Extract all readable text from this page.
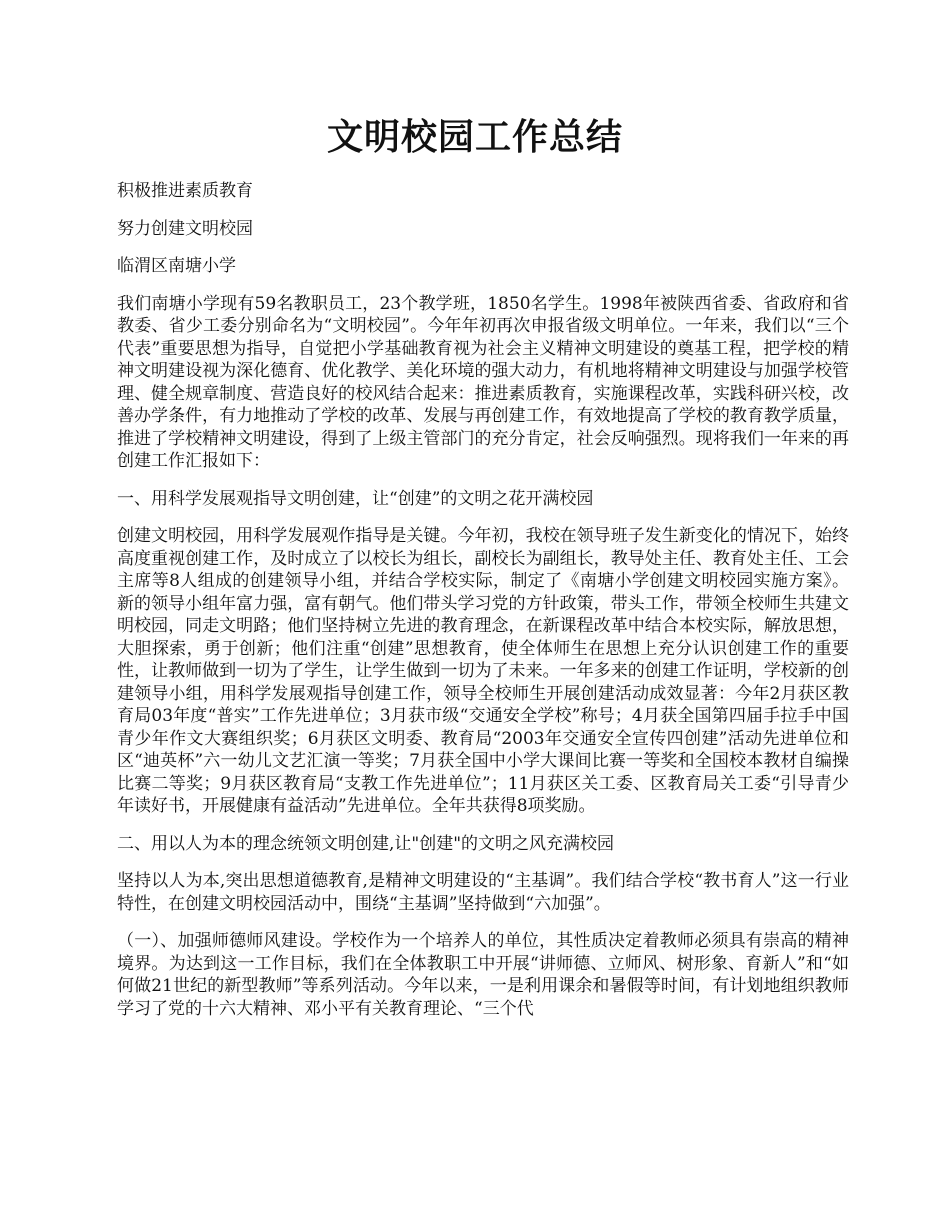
文明校园工作总结

积极推进素质教育

努力创建文明校园

临渭区南塘小学

我们南塘小学现有59名教职员工，23个教学班，1850名学生。1998年被陕西省委、省政府和省教委、省少工委分别命名为“文明校园”。今年年初再次申报省级文明单位。一年来，我们以“三个代表”重要思想为指导，自觉把小学基础教育视为社会主义精神文明建设的奠基工程，把学校的精神文明建设视为深化德育、优化教学、美化环境的强大动力，有机地将精神文明建设与加强学校管理、健全规章制度、营造良好的校风结合起来：推进素质教育，实施课程改革，实践科研兴校，改善办学条件，有力地推动了学校的改革、发展与再创建工作，有效地提高了学校的教育教学质量，推进了学校精神文明建设，得到了上级主管部门的充分肯定，社会反响强烈。现将我们一年来的再创建工作汇报如下：

一、用科学发展观指导文明创建，让“创建”的文明之花开满校园

创建文明校园，用科学发展观作指导是关键。今年初，我校在领导班子发生新变化的情况下，始终高度重视创建工作，及时成立了以校长为组长，副校长为副组长，教导处主任、教育处主任、工会主席等8人组成的创建领导小组，并结合学校实际，制定了《南塘小学创建文明校园实施方案》。新的领导小组年富力强，富有朝气。他们带头学习党的方针政策，带头工作，带领全校师生共建文明校园，同走文明路；他们坚持树立先进的教育理念，在新课程改革中结合本校实际，解放思想，大胆探索，勇于创新；他们注重“创建”思想教育，使全体师生在思想上充分认识创建工作的重要性，让教师做到一切为了学生，让学生做到一切为了未来。一年多来的创建工作证明，学校新的创建领导小组，用科学发展观指导创建工作，领导全校师生开展创建活动成效显著：今年2月获区教育局03年度“普实”工作先进单位；3月获市级“交通安全学校”称号；4月获全国第四届手拉手中国青少年作文大赛组织奖；6月获区文明委、教育局“2003年交通安全宣传四创建”活动先进单位和区“迪英杯”六一幼儿文艺汇演一等奖；7月获全国中小学大课间比赛一等奖和全国校本教材自编操比赛二等奖；9月获区教育局“支教工作先进单位”；11月获区关工委、区教育局关工委“引导青少年读好书，开展健康有益活动”先进单位。全年共获得8项奖励。

二、用以人为本的理念统领文明创建,让"创建"的文明之风充满校园

坚持以人为本,突出思想道德教育,是精神文明建设的“主基调”。我们结合学校“教书育人”这一行业特性，在创建文明校园活动中，围绕“主基调”坚持做到“六加强”。

（一）、加强师德师风建设。学校作为一个培养人的单位，其性质决定着教师必须具有崇高的精神境界。为达到这一工作目标，我们在全体教职工中开展“讲师德、立师风、树形象、育新人”和“如何做21世纪的新型教师”等系列活动。今年以来，一是利用课余和暑假等时间，有计划地组织教师学习了党的十六大精神、邓小平有关教育理论、“三个代
